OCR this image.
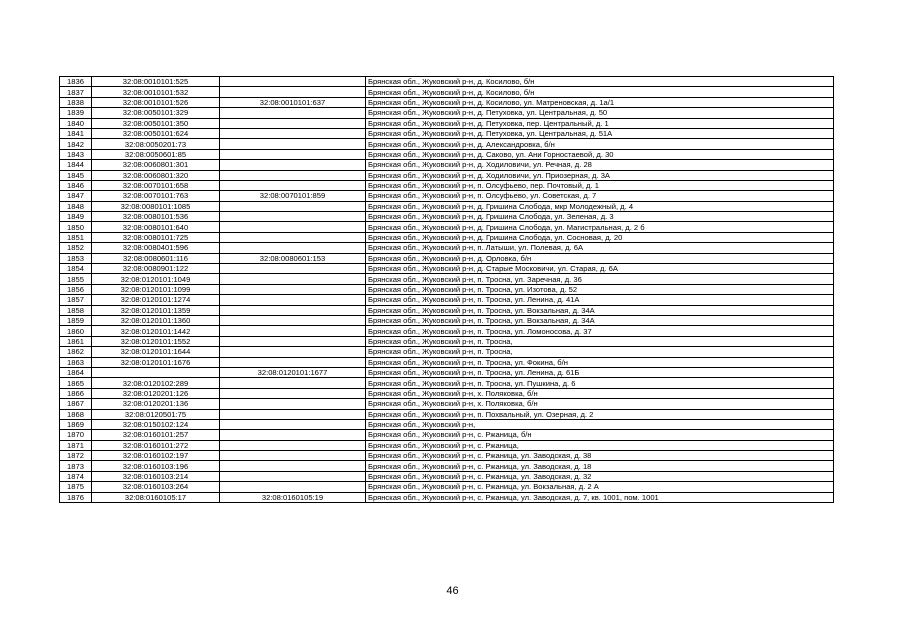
1836	32:08:0010101:525		Брянская обл., Жуковский р-н, д. Косилово, б/н
1837	32:08:0010101:532		Брянская обл., Жуковский р-н, д. Косилово, б/н
1838	32:08:0010101:526	32:08:0010101:637	Брянская обл., Жуковский р-н, д. Косилово, ул. Матреновская, д. 1а/1
1839	32:08:0050101:329		Брянская обл., Жуковский р-н, д. Петуховка, ул. Центральная, д. 50
1840	32:08:0050101:350		Брянская обл., Жуковский р-н, д. Петуховка, пер. Центральный, д. 1
1841	32:08:0050101:624		Брянская обл., Жуковский р-н, д. Петуховка, ул. Центральная, д. 51А
1842	32:08:0050201:73		Брянская обл., Жуковский р-н, д. Александровка, б/н
1843	32:08:0050601:85		Брянская обл., Жуковский р-н, д. Саково, ул. Ани Горностаевой, д. 30
1844	32:08:0060801:301		Брянская обл., Жуковский р-н, д. Ходиловичи, ул. Речная, д. 28
1845	32:08:0060801:320		Брянская обл., Жуковский р-н, д. Ходиловичи, ул. Приозерная, д. 3А
1846	32:08:0070101:658		Брянская обл., Жуковский р-н, п. Олсуфьево, пер. Почтовый, д. 1
1847	32:08:0070101:763	32:08:0070101:859	Брянская обл., Жуковский р-н, п. Олсуфьево, ул. Советская, д. 7
1848	32:08:0080101:1085		Брянская обл., Жуковский р-н, д. Гришина Слобода, мкр Молодежный, д. 4
1849	32:08:0080101:536		Брянская обл., Жуковский р-н, д. Гришина Слобода, ул. Зеленая, д. 3
1850	32:08:0080101:640		Брянская обл., Жуковский р-н, д. Гришина Слобода, ул. Магистральная, д. 2 б
1851	32:08:0080101:725		Брянская обл., Жуковский р-н, д. Гришина Слобода, ул. Сосновая, д. 20
1852	32:08:0080401:596		Брянская обл., Жуковский р-н, п. Латыши, ул. Полевая, д. 6А
1853	32:08:0080601:116	32:08:0080601:153	Брянская обл., Жуковский р-н, д. Орловка, б/н
1854	32:08:0080901:122		Брянская обл., Жуковский р-н, д. Старые Московичи, ул. Старая, д. 6А
1855	32:08:0120101:1049		Брянская обл., Жуковский р-н, п. Тросна, ул. Заречная, д. 36
1856	32:08:0120101:1099		Брянская обл., Жуковский р-н, п. Тросна, ул. Изотова, д. 52
1857	32:08:0120101:1274		Брянская обл., Жуковский р-н, п. Тросна, ул. Ленина, д. 41А
1858	32:08:0120101:1359		Брянская обл., Жуковский р-н, п. Тросна, ул. Вокзальная, д. 34А
1859	32:08:0120101:1360		Брянская обл., Жуковский р-н, п. Тросна, ул. Вокзальная, д. 34А
1860	32:08:0120101:1442		Брянская обл., Жуковский р-н, п. Тросна, ул. Ломоносова, д. 37
1861	32:08:0120101:1552		Брянская обл., Жуковский р-н, п. Тросна,
1862	32:08:0120101:1644		Брянская обл., Жуковский р-н, п. Тросна,
1863	32:08:0120101:1676		Брянская обл., Жуковский р-н, п. Тросна, ул. Фокина, б/н
1864		32:08:0120101:1677	Брянская обл., Жуковский р-н, п. Тросна, ул. Ленина, д. 61Б
1865	32:08:0120102:289		Брянская обл., Жуковский р-н, п. Тросна, ул. Пушкина, д. 6
1866	32:08:0120201:126		Брянская обл., Жуковский р-н, х. Поляковка, б/н
1867	32:08:0120201:136		Брянская обл., Жуковский р-н, х. Поляковка, б/н
1868	32:08:0120501:75		Брянская обл., Жуковский р-н, п. Похвальный, ул. Озерная, д. 2
1869	32:08:0150102:124		Брянская обл., Жуковский р-н,
1870	32:08:0160101:257		Брянская обл., Жуковский р-н, с. Ржаница, б/н
1871	32:08:0160101:272		Брянская обл., Жуковский р-н, с. Ржаница,
1872	32:08:0160102:197		Брянская обл., Жуковский р-н, с. Ржаница, ул. Заводская, д. 38
1873	32:08:0160103:196		Брянская обл., Жуковский р-н, с. Ржаница, ул. Заводская, д. 18
1874	32:08:0160103:214		Брянская обл., Жуковский р-н, с. Ржаница, ул. Заводская, д. 32
1875	32:08:0160103:264		Брянская обл., Жуковский р-н, с. Ржаница, ул. Вокзальная, д. 2 А
1876	32:08:0160105:17	32:08:0160105:19	Брянская обл., Жуковский р-н, с. Ржаница, ул. Заводская, д. 7, кв. 1001, пом. 1001
46
